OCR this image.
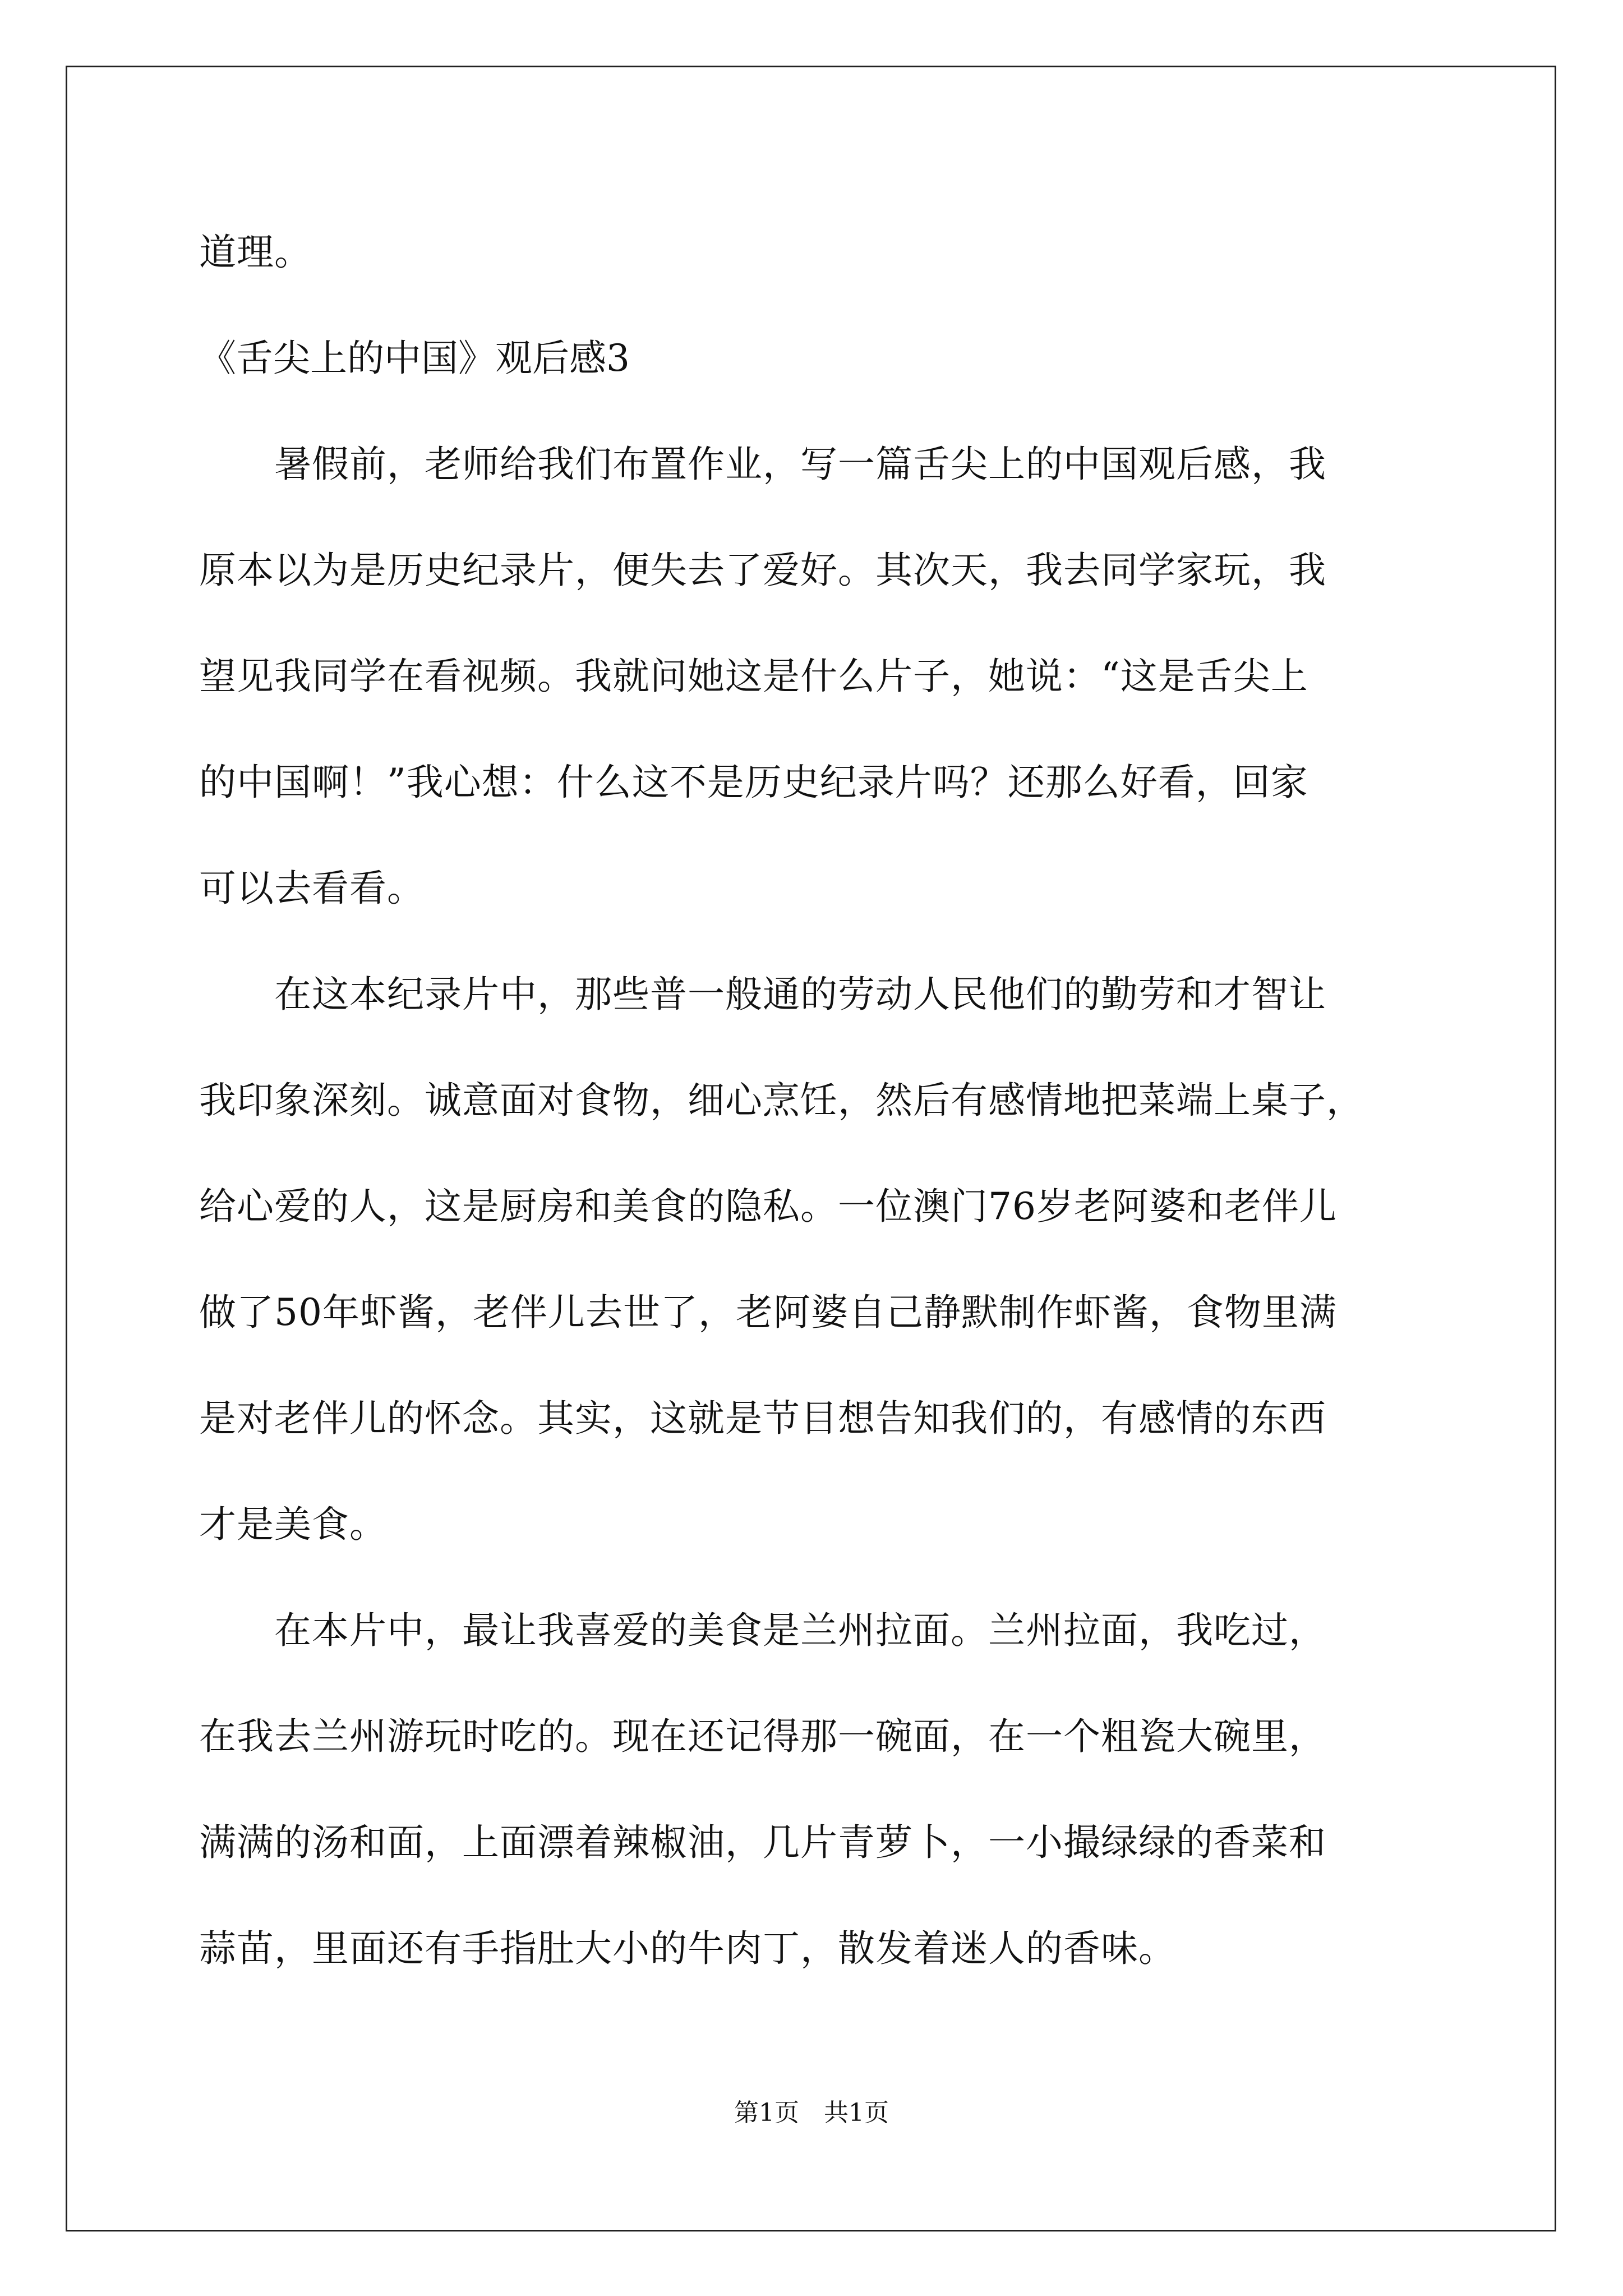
道理。
《舌尖上的中国》观后感3
　　暑假前，老师给我们布置作业，写一篇舌尖上的中国观后感，我
原本以为是历史纪录片，便失去了爱好。其次天，我去同学家玩，我
望见我同学在看视频。我就问她这是什么片子，她说：“这是舌尖上
的中国啊！”我心想：什么这不是历史纪录片吗？还那么好看，回家
可以去看看。
　　在这本纪录片中，那些普一般通的劳动人民他们的勤劳和才智让
我印象深刻。诚意面对食物，细心烹饪，然后有感情地把菜端上桌子，
给心爱的人，这是厨房和美食的隐私。一位澳门76岁老阿婆和老伴儿
做了50年虾酱，老伴儿去世了，老阿婆自己静默制作虾酱，食物里满
是对老伴儿的怀念。其实，这就是节目想告知我们的，有感情的东西
才是美食。
　　在本片中，最让我喜爱的美食是兰州拉面。兰州拉面，我吃过，
在我去兰州游玩时吃的。现在还记得那一碗面，在一个粗瓷大碗里，
满满的汤和面，上面漂着辣椒油，几片青萝卜，一小撮绿绿的香菜和
蒜苗，里面还有手指肚大小的牛肉丁，散发着迷人的香味。
第1页　共1页
